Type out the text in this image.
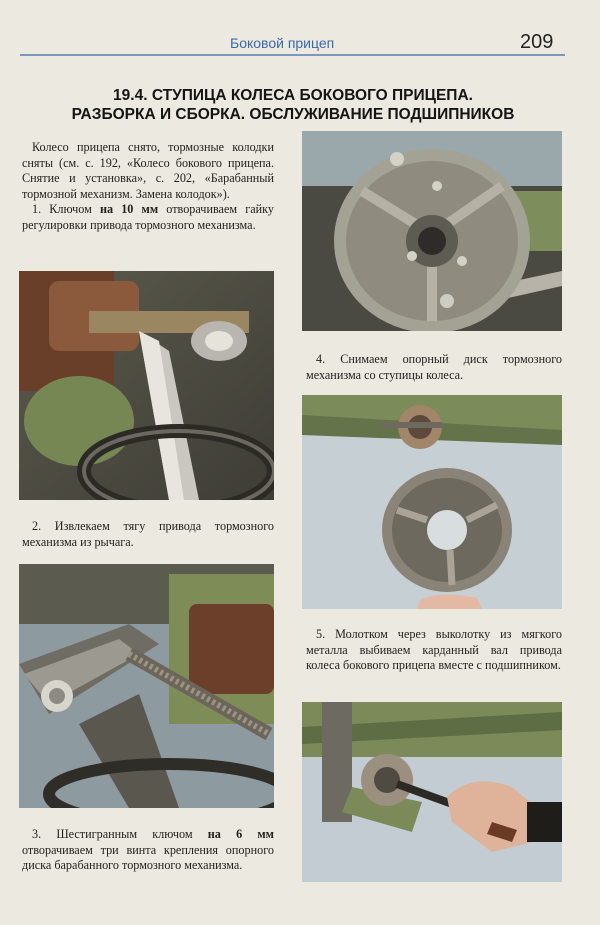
Боковой прицеп	209
19.4. СТУПИЦА КОЛЕСА БОКОВОГО ПРИЦЕПА.
РАЗБОРКА И СБОРКА. ОБСЛУЖИВАНИЕ ПОДШИПНИКОВ

Колесо прицепа снято, тормозные колодки сняты (см. с. 192, «Колесо бокового прицепа. Снятие и установка», с. 202, «Барабанный тормозной механизм. Замена колодок»).

1. Ключом на 10 мм отворачиваем гайку регулировки привода тормозного механизма.

2. Извлекаем тягу привода тормозного механизма из рычага.

3. Шестигранным ключом на 6 мм отворачиваем три винта крепления опорного диска барабанного тормозного механизма.

4. Снимаем опорный диск тормозного механизма со ступицы колеса.

5. Молотком через выколотку из мягкого металла выбиваем карданный вал привода колеса бокового прицепа вместе с подшипником.
